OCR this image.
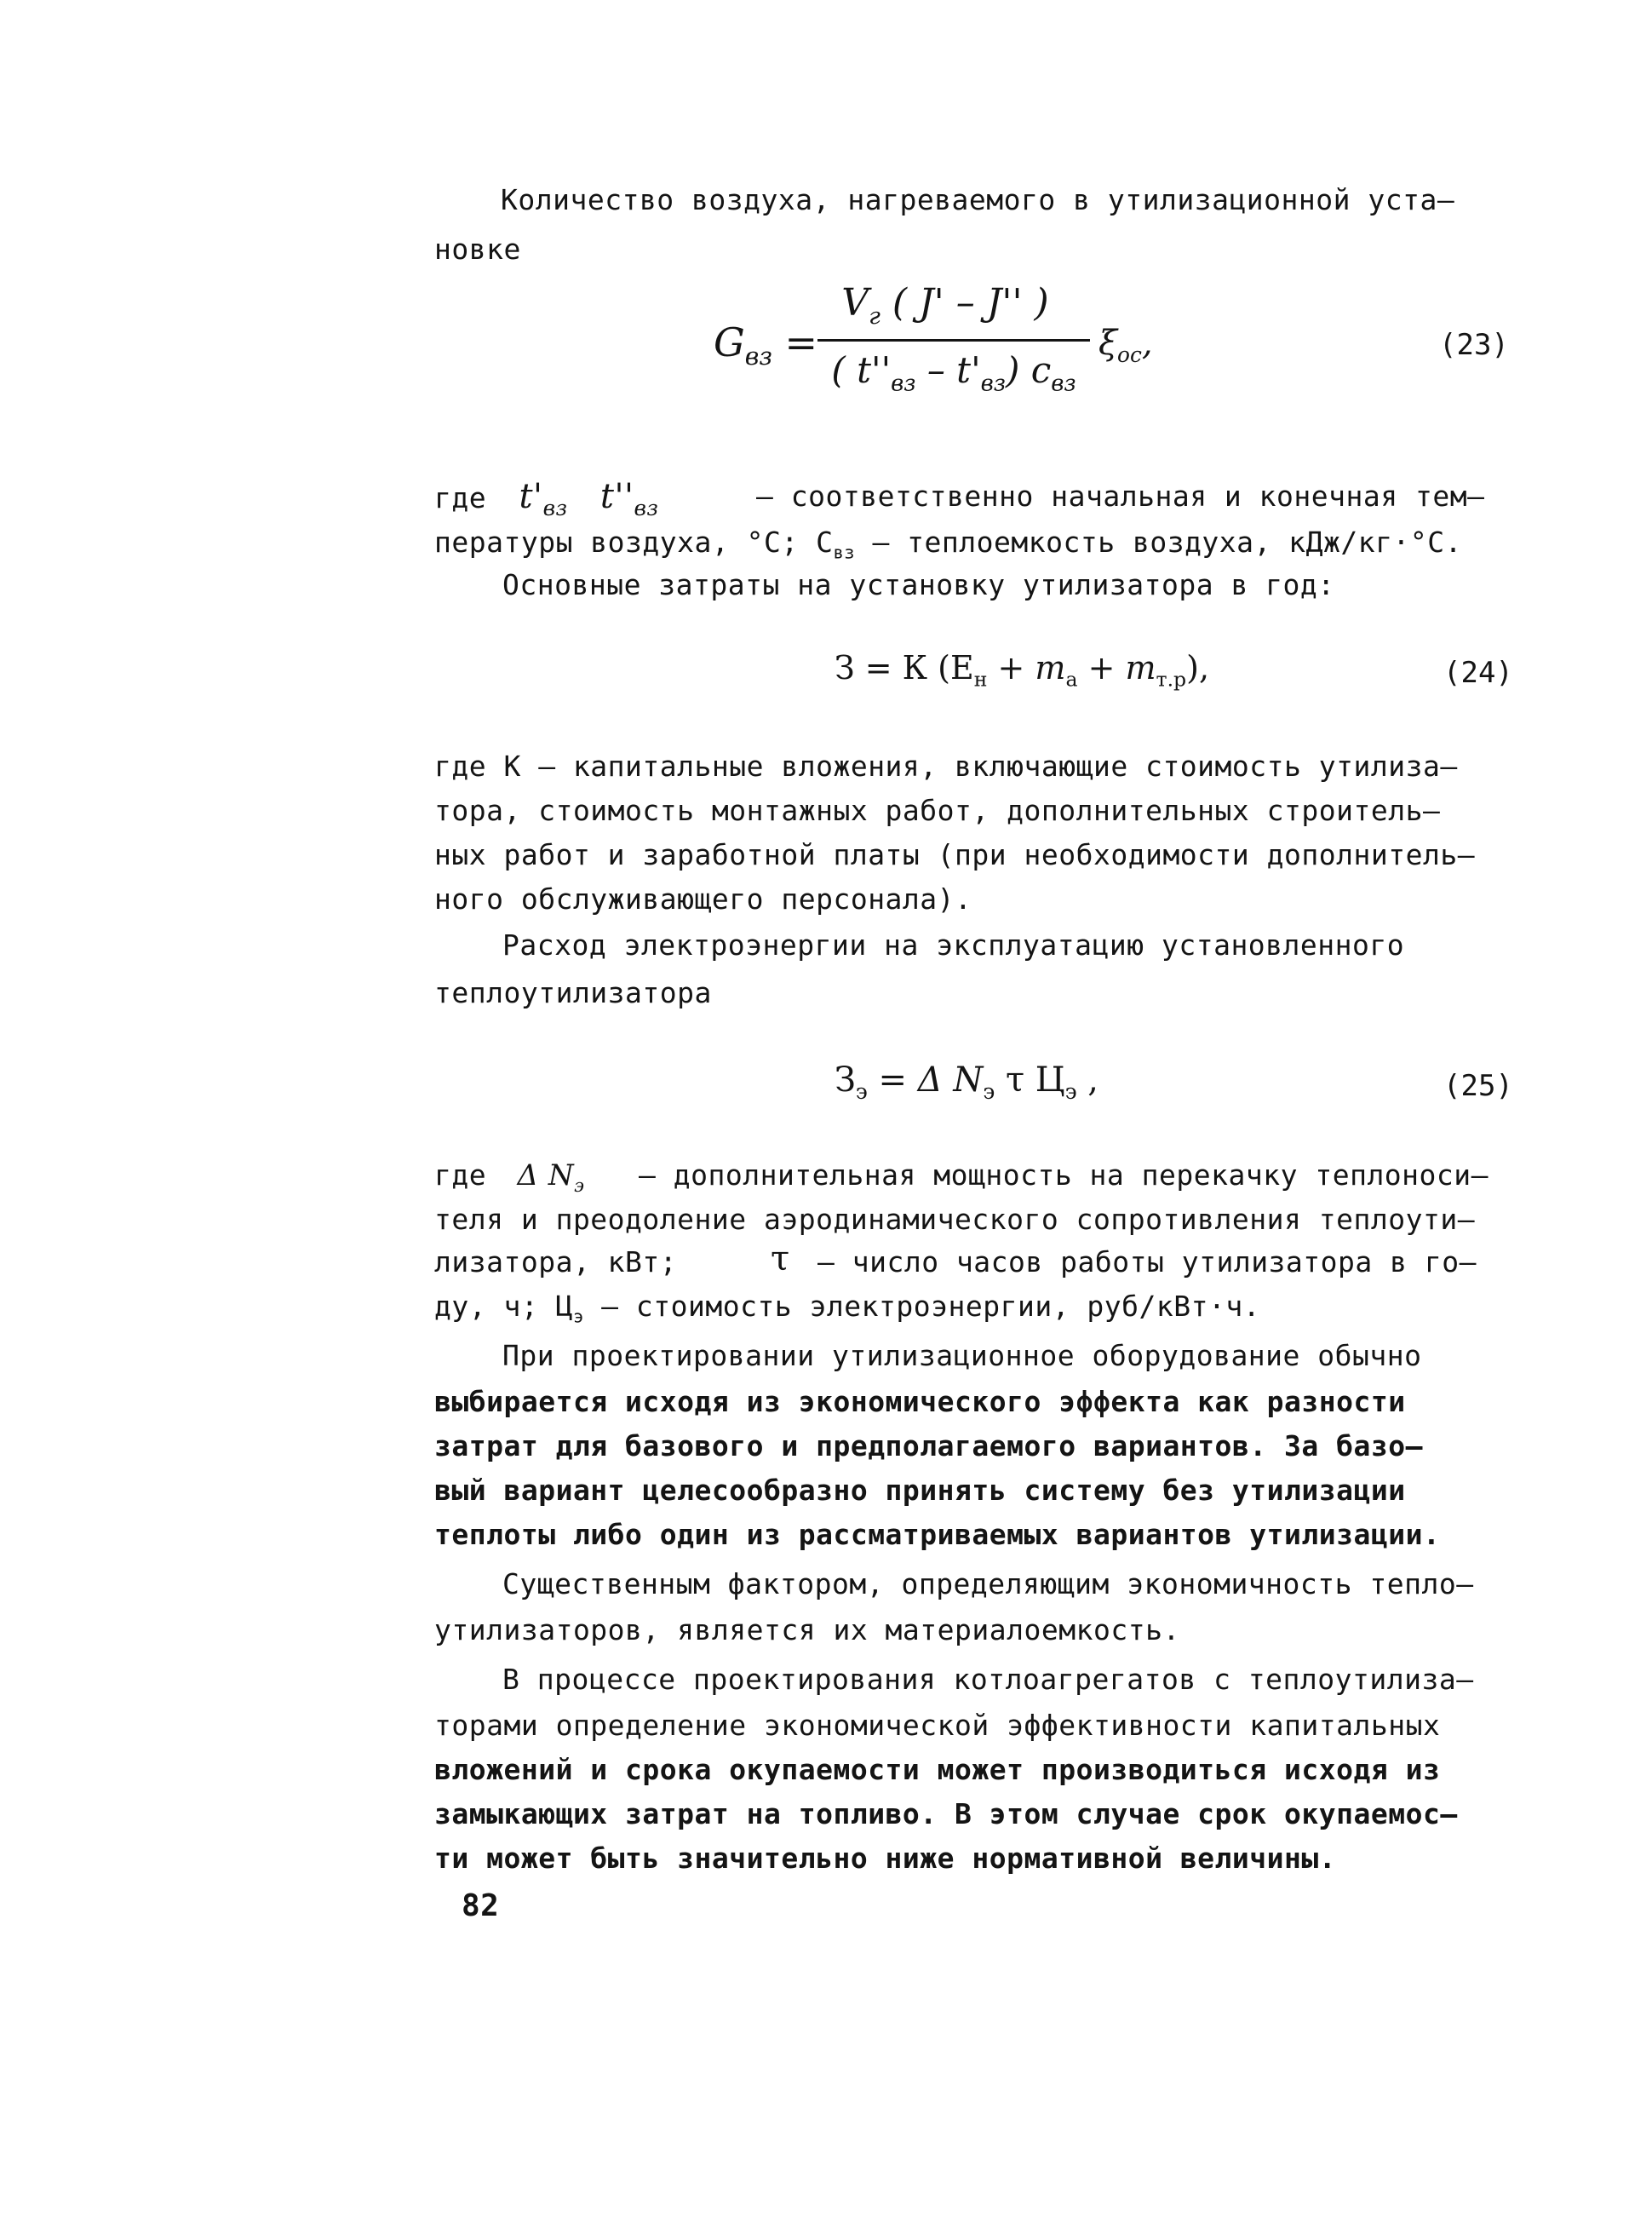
Количество воздуха, нагреваемого в утилизационной уста–
новке
$G_{вз}$ =
$V_г$ ( J' – J'' )
( $t''_{вз} - t'_{вз}$) $c_{вз}$
$\xi_{ос}$,	(23)
где $t'_{вз}$ $t''_{вз}$	– соответственно начальная и конечная тем–
пературы воздуха, °С; $С_{вз}$ – теплоемкость воздуха, кДж/кг·°С.
Основные затраты на установку утилизатора в год:
З = К $(Е_н + m_а + m_{т.р})$,	(24)
где К – капитальные вложения, включающие стоимость утилиза–
тора, стоимость монтажных работ, дополнительных строитель–
ных работ и заработной платы (при необходимости дополнитель–
ного обслуживающего персонала).
Расход электроэнергии на эксплуатацию установленного
теплоутилизатора
$З_э = \Delta$ $N_э$ τ $Ц_э$ ,	(25)
где Δ $N_э$ – дополнительная мощность на перекачку теплоноси–
теля и преодоление аэродинамического сопротивления теплоути–
лизатора, кВт;	τ – число часов работы утилизатора в го–
ду, ч; $Ц_э$ – стоимость электроэнергии, руб/кВт·ч.
При проектировании утилизационное оборудование обычно
выбирается исходя из экономического эффекта как разности
затрат для базового и предполагаемого вариантов. За базо–
вый вариант целесообразно принять систему без утилизации
теплоты либо один из рассматриваемых вариантов утилизации.
Существенным фактором, определяющим экономичность тепло–
утилизаторов, является их материалоемкость.
В процессе проектирования котлоагрегатов с теплоутилиза–
торами определение экономической эффективности капитальных
вложений и срока окупаемости может производиться исходя из
замыкающих затрат на топливо. В этом случае срок окупаемос–
ти может быть значительно ниже нормативной величины.
82
